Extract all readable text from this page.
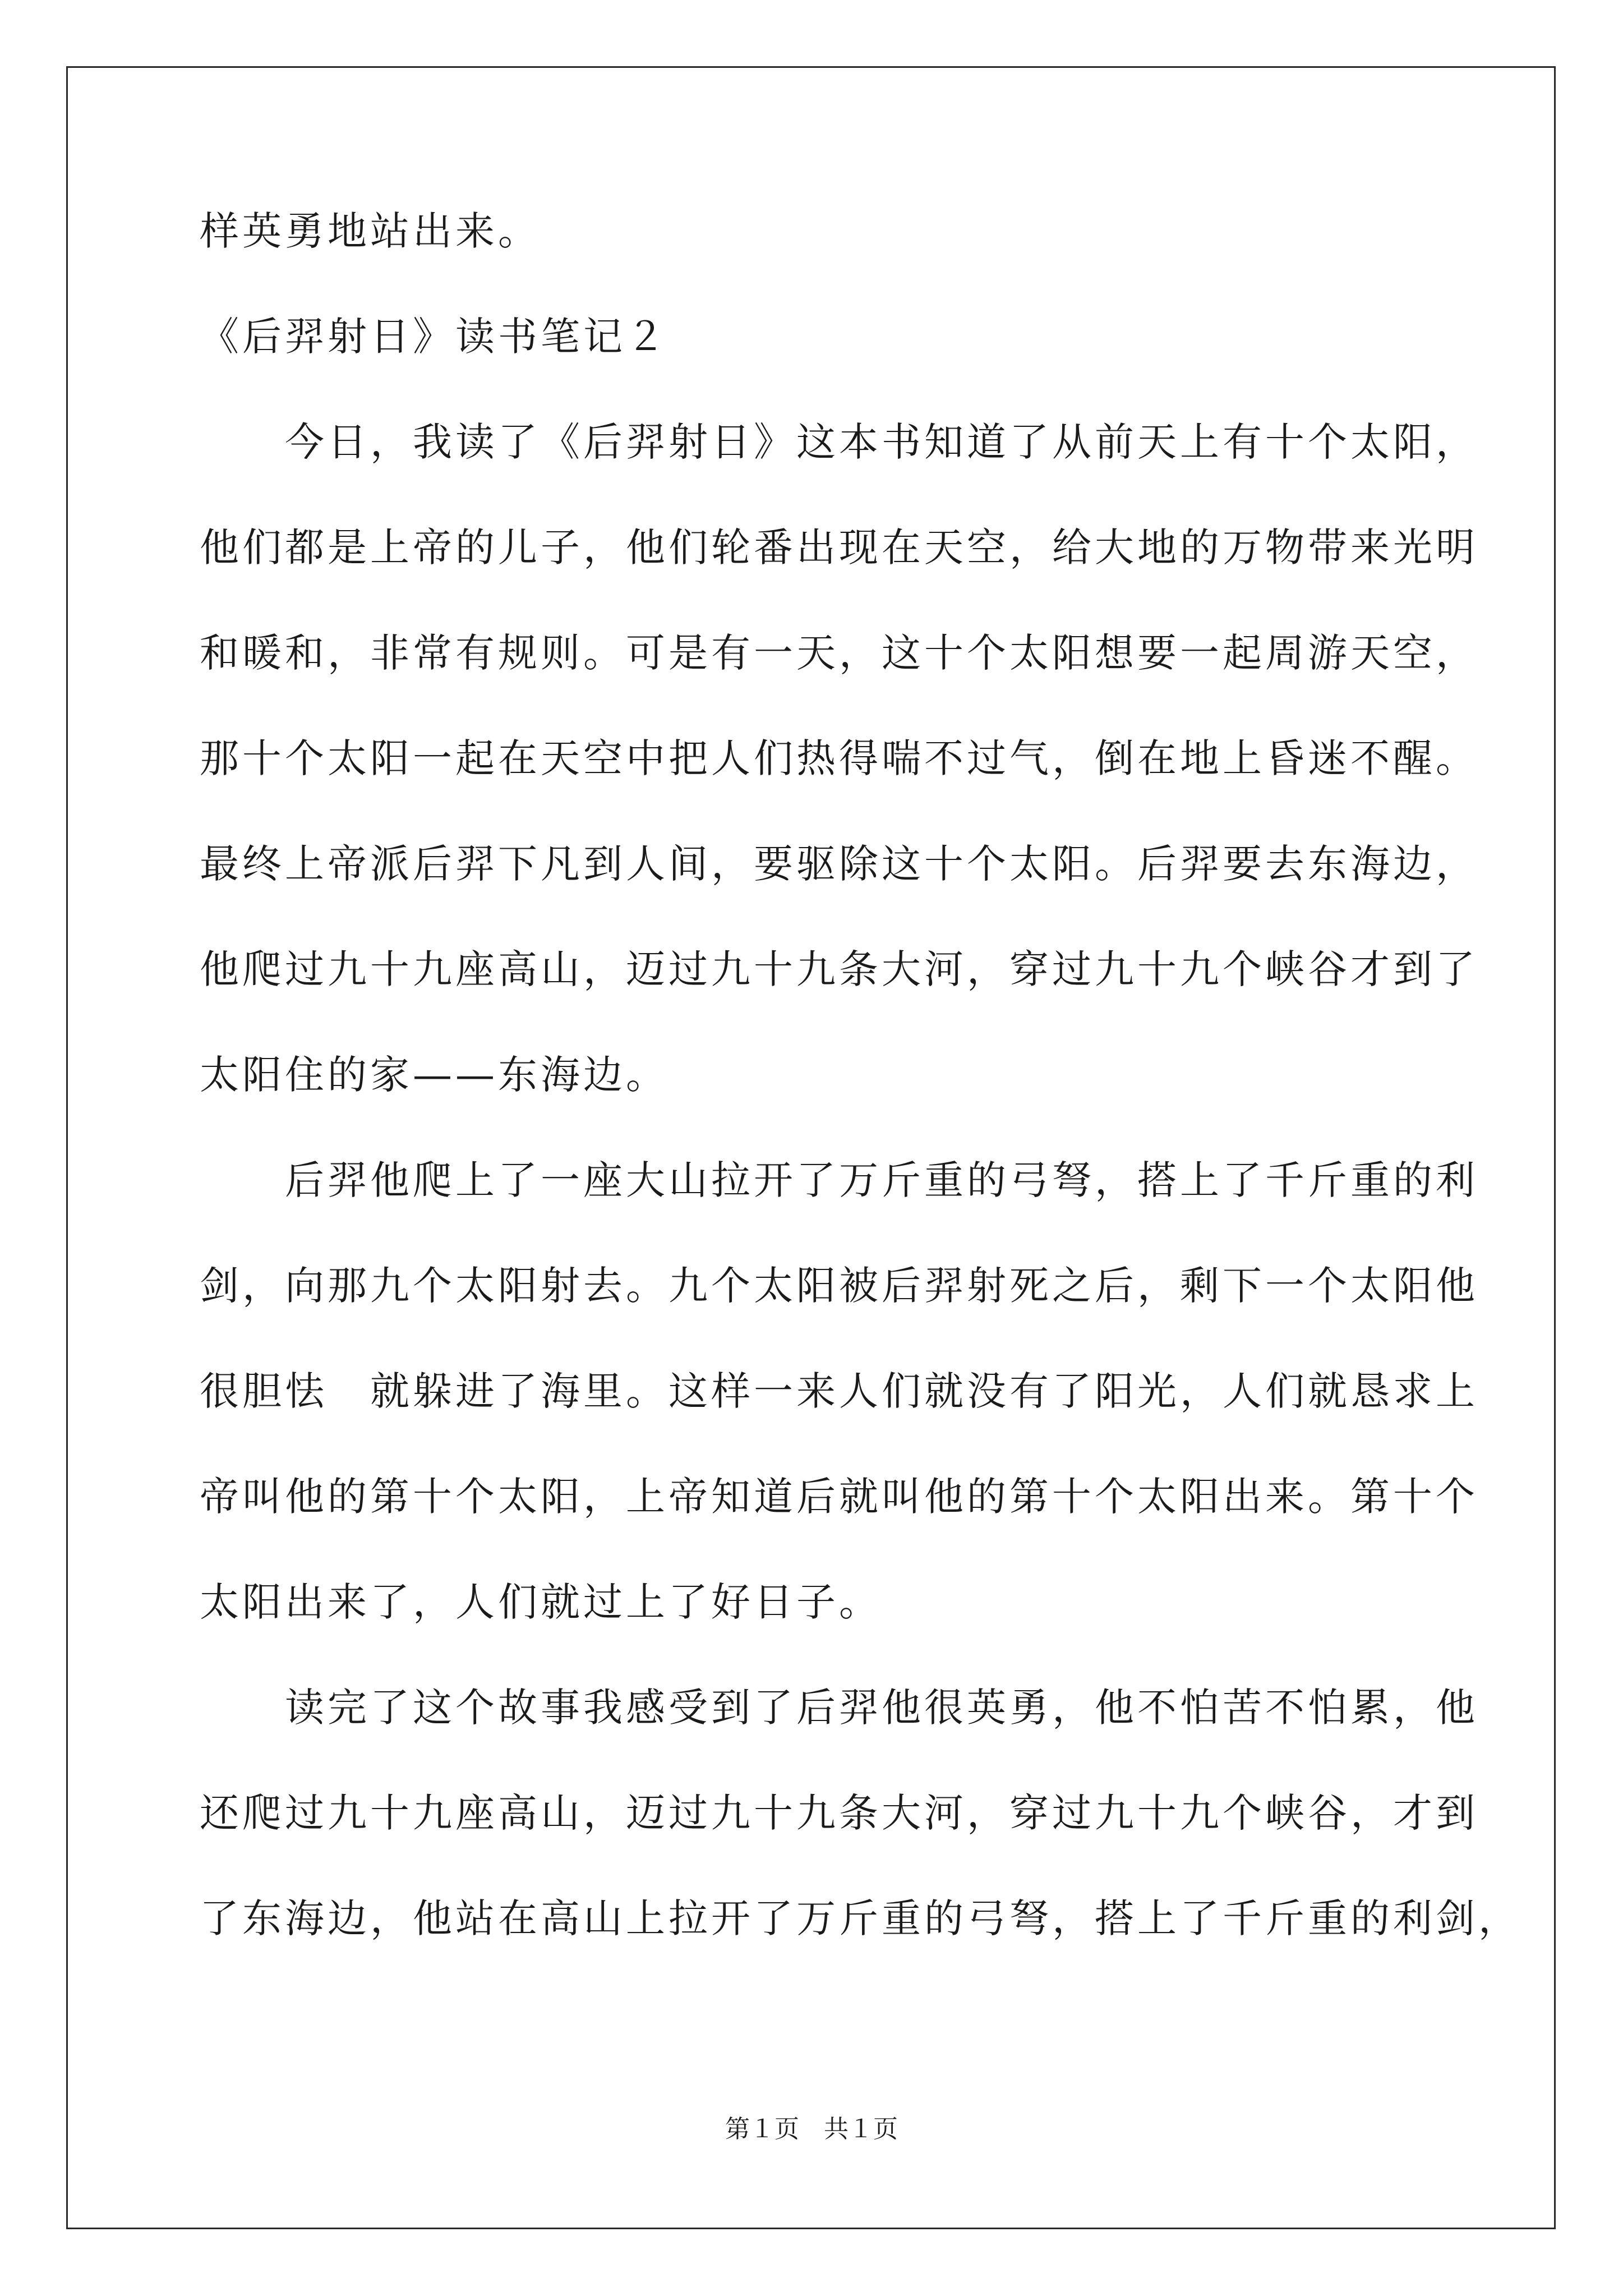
样英勇地站出来。
《后羿射日》读书笔记２
　　今日，我读了《后羿射日》这本书知道了从前天上有十个太阳，
他们都是上帝的儿子，他们轮番出现在天空，给大地的万物带来光明
和暖和，非常有规则。可是有一天，这十个太阳想要一起周游天空，
那十个太阳一起在天空中把人们热得喘不过气，倒在地上昏迷不醒。
最终上帝派后羿下凡到人间，要驱除这十个太阳。后羿要去东海边，
他爬过九十九座高山，迈过九十九条大河，穿过九十九个峡谷才到了
太阳住的家——东海边。
　　后羿他爬上了一座大山拉开了万斤重的弓弩，搭上了千斤重的利
剑，向那九个太阳射去。九个太阳被后羿射死之后，剩下一个太阳他
很胆怯　就躲进了海里。这样一来人们就没有了阳光，人们就恳求上
帝叫他的第十个太阳，上帝知道后就叫他的第十个太阳出来。第十个
太阳出来了，人们就过上了好日子。
　　读完了这个故事我感受到了后羿他很英勇，他不怕苦不怕累，他
还爬过九十九座高山，迈过九十九条大河，穿过九十九个峡谷，才到
了东海边，他站在高山上拉开了万斤重的弓弩，搭上了千斤重的利剑，
第１页　共１页
